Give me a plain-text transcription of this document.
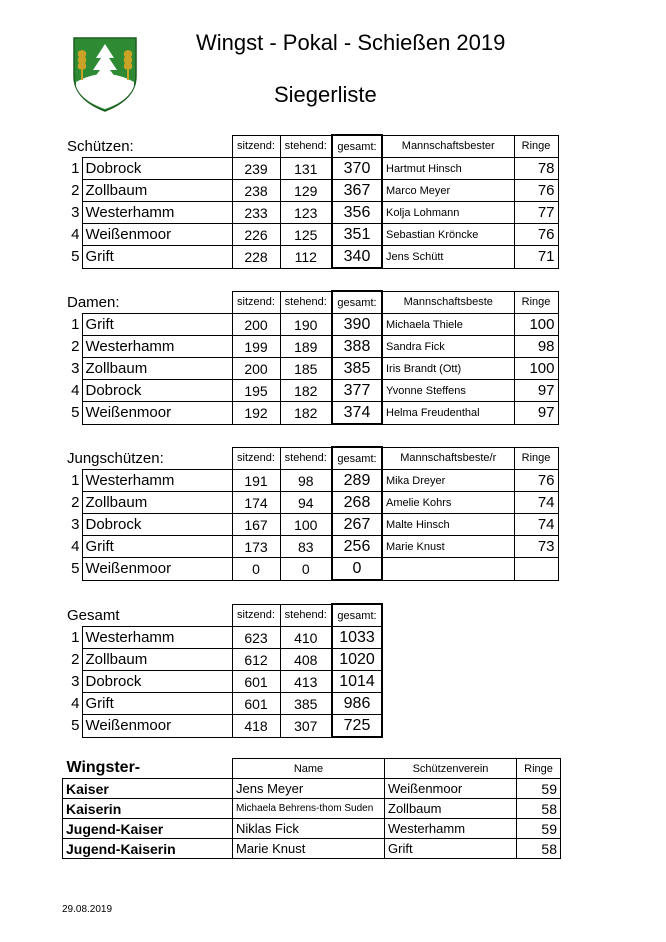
Wingst - Pokal - Schießen 2019
Siegerliste
Schützen:		sitzend:	stehend:	gesamt:	Mannschaftsbester	Ringe
1	Dobrock	239	131	370	Hartmut Hinsch	78
2	Zollbaum	238	129	367	Marco Meyer	76
3	Westerhamm	233	123	356	Kolja Lohmann	77
4	Weißenmoor	226	125	351	Sebastian Kröncke	76
5	Grift	228	112	340	Jens Schütt	71
Damen:		sitzend:	stehend:	gesamt:	Mannschaftsbeste	Ringe
1	Grift	200	190	390	Michaela Thiele	100
2	Westerhamm	199	189	388	Sandra Fick	98
3	Zollbaum	200	185	385	Iris Brandt (Ott)	100
4	Dobrock	195	182	377	Yvonne Steffens	97
5	Weißenmoor	192	182	374	Helma Freudenthal	97
Jungschützen:		sitzend:	stehend:	gesamt:	Mannschaftsbeste/r	Ringe
1	Westerhamm	191	98	289	Mika Dreyer	76
2	Zollbaum	174	94	268	Amelie Kohrs	74
3	Dobrock	167	100	267	Malte Hinsch	74
4	Grift	173	83	256	Marie Knust	73
5	Weißenmoor	0	0	0		
Gesamt		sitzend:	stehend:	gesamt:
1	Westerhamm	623	410	1033
2	Zollbaum	612	408	1020
3	Dobrock	601	413	1014
4	Grift	601	385	986
5	Weißenmoor	418	307	725
Wingster-	Name	Schützenverein	Ringe
Kaiser	Jens Meyer	Weißenmoor	59
Kaiserin	Michaela Behrens-thom Suden	Zollbaum	58
Jugend-Kaiser	Niklas Fick	Westerhamm	59
Jugend-Kaiserin	Marie Knust	Grift	58
29.08.2019
